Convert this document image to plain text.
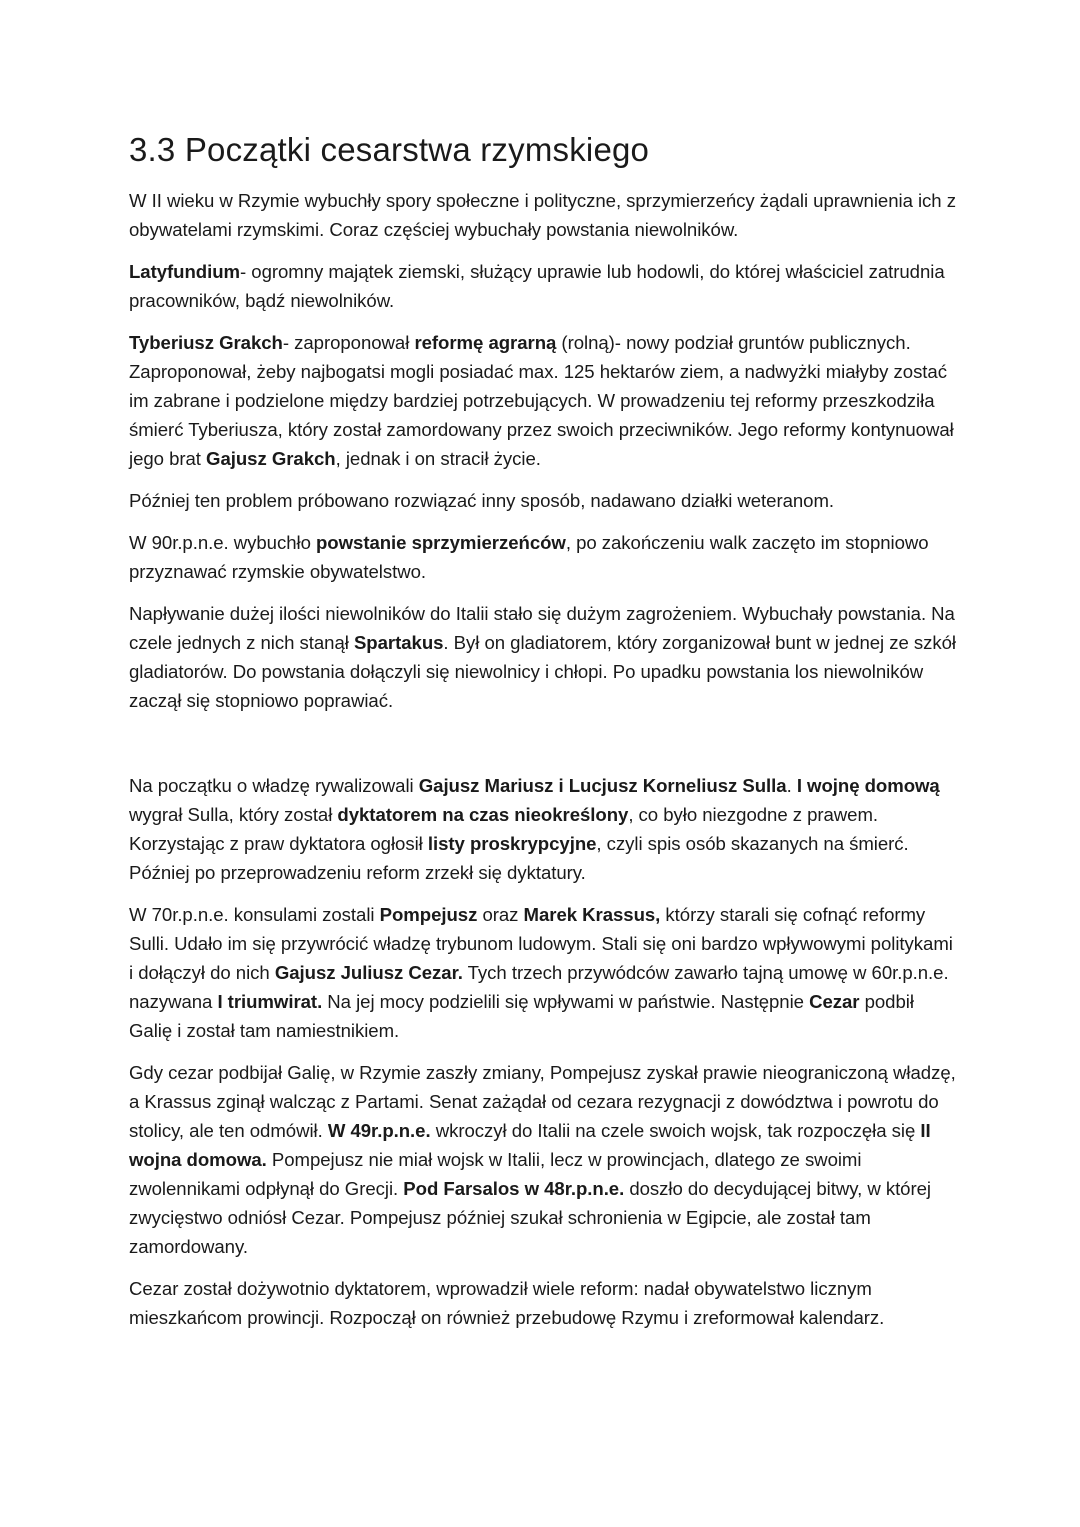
3.3 Początki cesarstwa rzymskiego

W II wieku w Rzymie wybuchły spory społeczne i polityczne, sprzymierzeńcy żądali uprawnienia ich z obywatelami rzymskimi. Coraz częściej wybuchały powstania niewolników.

Latyfundium- ogromny majątek ziemski, służący uprawie lub hodowli, do której właściciel zatrudnia pracowników, bądź niewolników.

Tyberiusz Grakch- zaproponował reformę agrarną (rolną)- nowy podział gruntów publicznych. Zaproponował, żeby najbogatsi mogli posiadać max. 125 hektarów ziem, a nadwyżki miałyby zostać im zabrane i podzielone między bardziej potrzebujących. W prowadzeniu tej reformy przeszkodziła śmierć Tyberiusza, który został zamordowany przez swoich przeciwników. Jego reformy kontynuował jego brat Gajusz Grakch, jednak i on stracił życie.

Później ten problem próbowano rozwiązać inny sposób, nadawano działki weteranom.

W 90r.p.n.e. wybuchło powstanie sprzymierzeńców, po zakończeniu walk zaczęto im stopniowo przyznawać rzymskie obywatelstwo.

Napływanie dużej ilości niewolników do Italii stało się dużym zagrożeniem. Wybuchały powstania. Na czele jednych z nich stanął Spartakus. Był on gladiatorem, który zorganizował bunt w jednej ze szkół gladiatorów. Do powstania dołączyli się niewolnicy i chłopi. Po upadku powstania los niewolników zaczął się stopniowo poprawiać.

Na początku o władzę rywalizowali Gajusz Mariusz i Lucjusz Korneliusz Sulla. I wojnę domową wygrał Sulla, który został dyktatorem na czas nieokreślony, co było niezgodne z prawem. Korzystając z praw dyktatora ogłosił listy proskrypcyjne, czyli spis osób skazanych na śmierć. Później po przeprowadzeniu reform zrzekł się dyktatury.

W 70r.p.n.e. konsulami zostali Pompejusz oraz Marek Krassus, którzy starali się cofnąć reformy Sulli. Udało im się przywrócić władzę trybunom ludowym. Stali się oni bardzo wpływowymi politykami i dołączył do nich Gajusz Juliusz Cezar. Tych trzech przywódców zawarło tajną umowę w 60r.p.n.e. nazywana I triumwirat. Na jej mocy podzielili się wpływami w państwie. Następnie Cezar podbił Galię i został tam namiestnikiem.

Gdy cezar podbijał Galię, w Rzymie zaszły zmiany, Pompejusz zyskał prawie nieograniczoną władzę, a Krassus zginął walcząc z Partami. Senat zażądał od cezara rezygnacji z dowództwa i powrotu do stolicy, ale ten odmówił. W 49r.p.n.e. wkroczył do Italii na czele swoich wojsk, tak rozpoczęła się II wojna domowa. Pompejusz nie miał wojsk w Italii, lecz w prowincjach, dlatego ze swoimi zwolennikami odpłynął do Grecji. Pod Farsalos w 48r.p.n.e. doszło do decydującej bitwy, w której zwycięstwo odniósł Cezar. Pompejusz później szukał schronienia w Egipcie, ale został tam zamordowany.

Cezar został dożywotnio dyktatorem, wprowadził wiele reform: nadał obywatelstwo licznym mieszkańcom prowincji. Rozpoczął on również przebudowę Rzymu i zreformował kalendarz.
